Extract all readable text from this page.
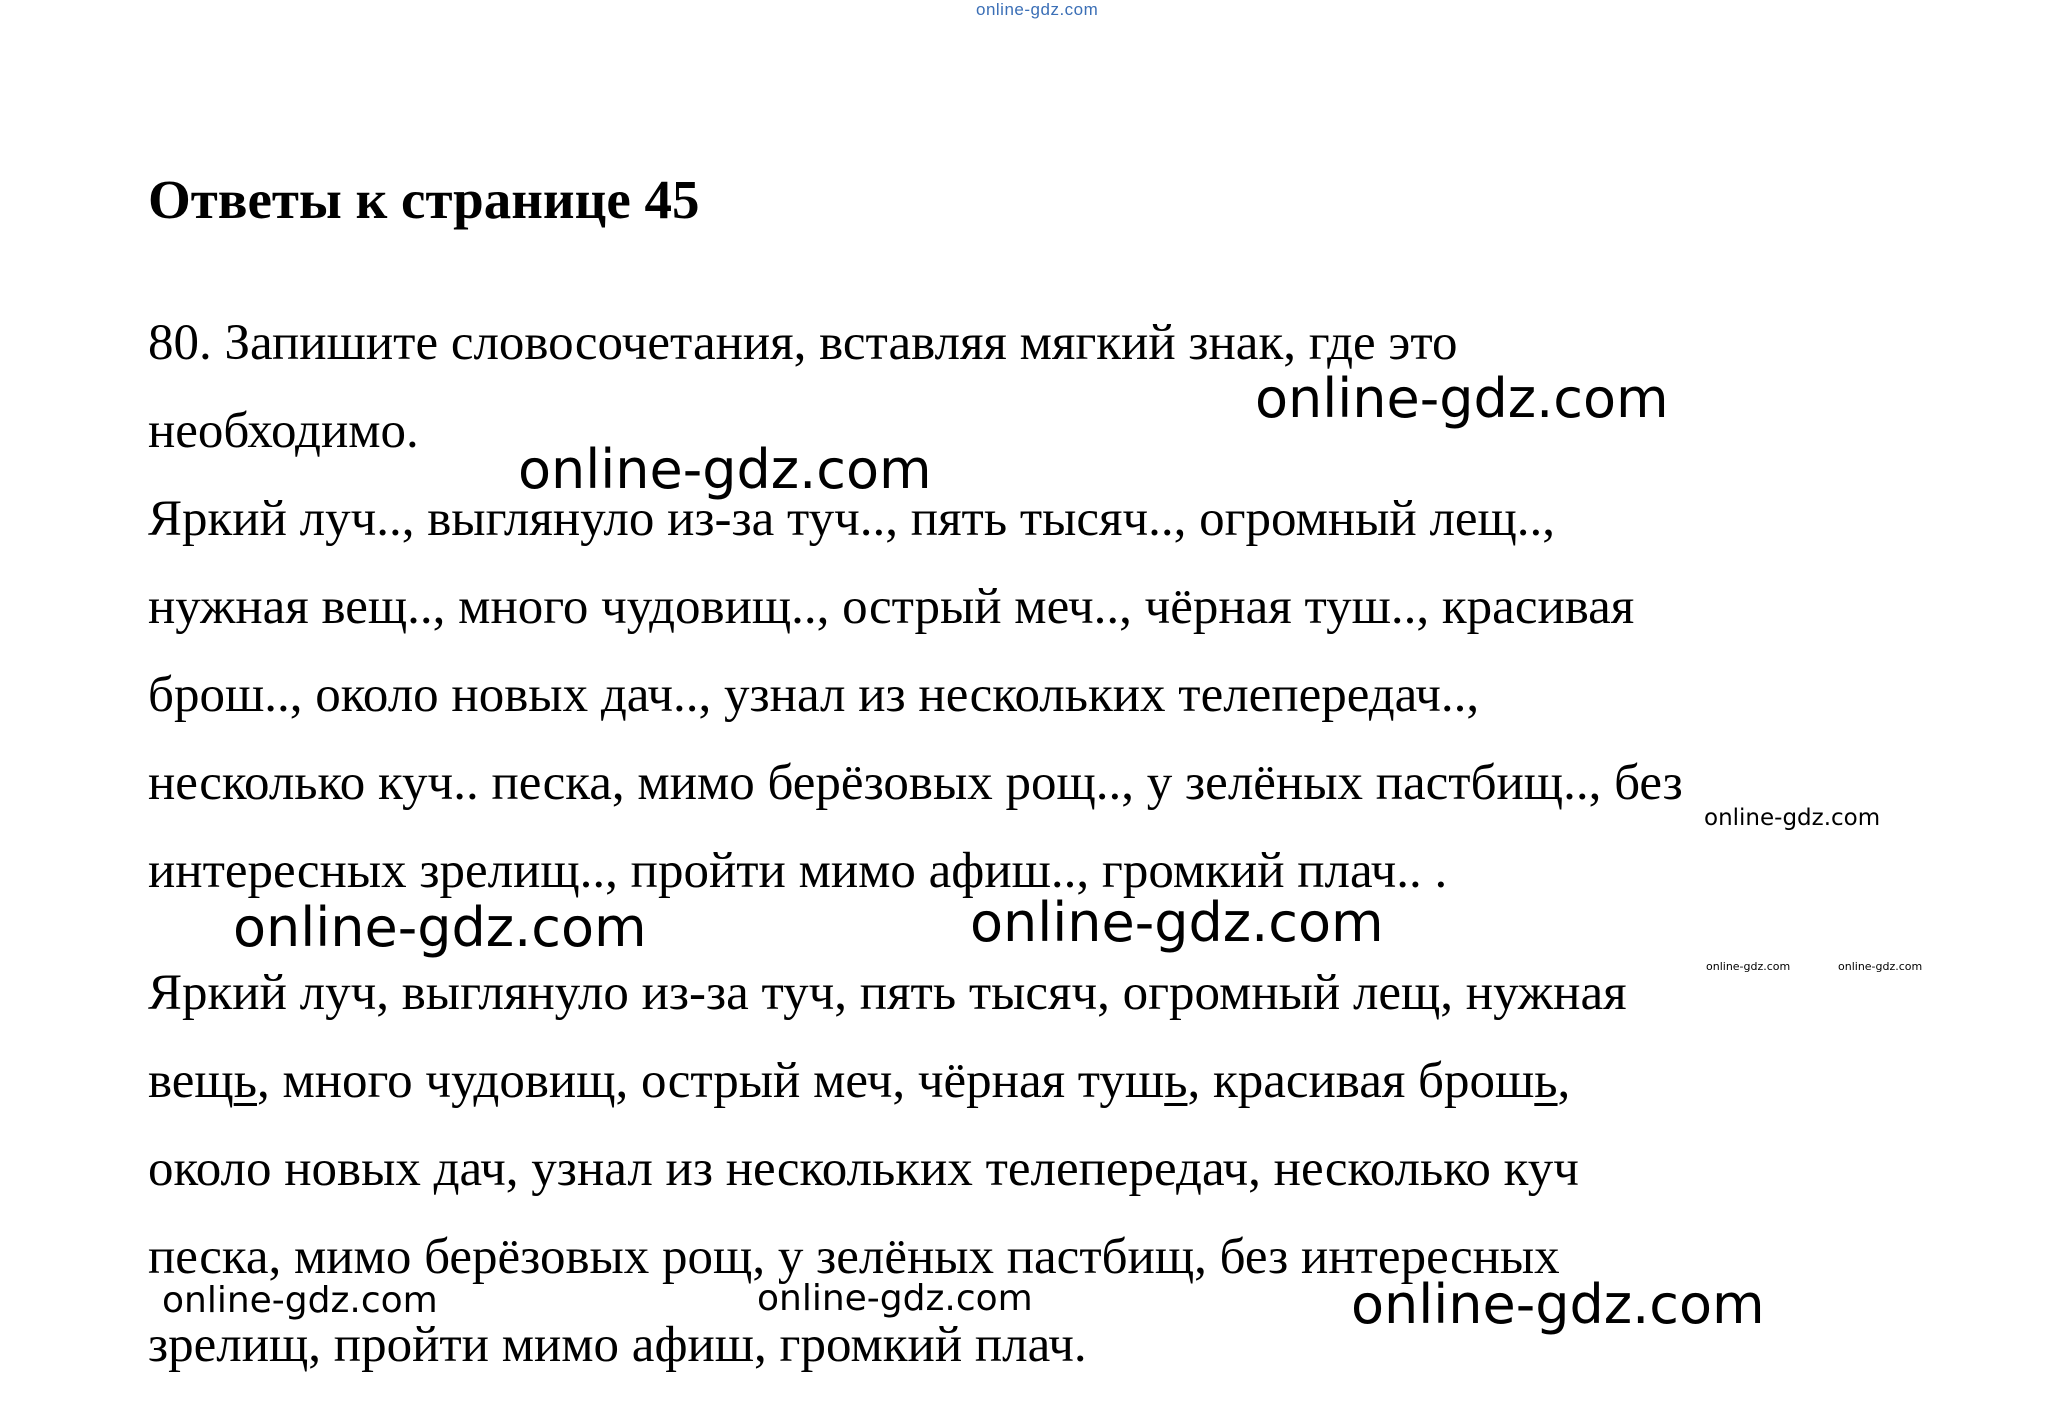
online-gdz.com
Ответы к странице 45
80. Запишите словосочетания, вставляя мягкий знак, где это
необходимо.
Яркий луч.., выглянуло из-за туч.., пять тысяч.., огромный лещ..,
нужная вещ.., много чудовищ.., острый меч.., чёрная туш.., красивая
брош.., около новых дач.., узнал из нескольких телепередач..,
несколько куч.. песка, мимо берёзовых рощ.., у зелёных пастбищ.., без
интересных зрелищ.., пройти мимо афиш.., громкий плач.. .
Яркий луч, выглянуло из-за туч, пять тысяч, огромный лещ, нужная
вещь, много чудовищ, острый меч, чёрная тушь, красивая брошь,
около новых дач, узнал из нескольких телепередач, несколько куч
песка, мимо берёзовых рощ, у зелёных пастбищ, без интересных
зрелищ, пройти мимо афиш, громкий плач.
online-gdz.com
online-gdz.com
online-gdz.com
online-gdz.com	online-gdz.com
online-gdz.com	online-gdz.com
online-gdz.com	online-gdz.com	online-gdz.com
